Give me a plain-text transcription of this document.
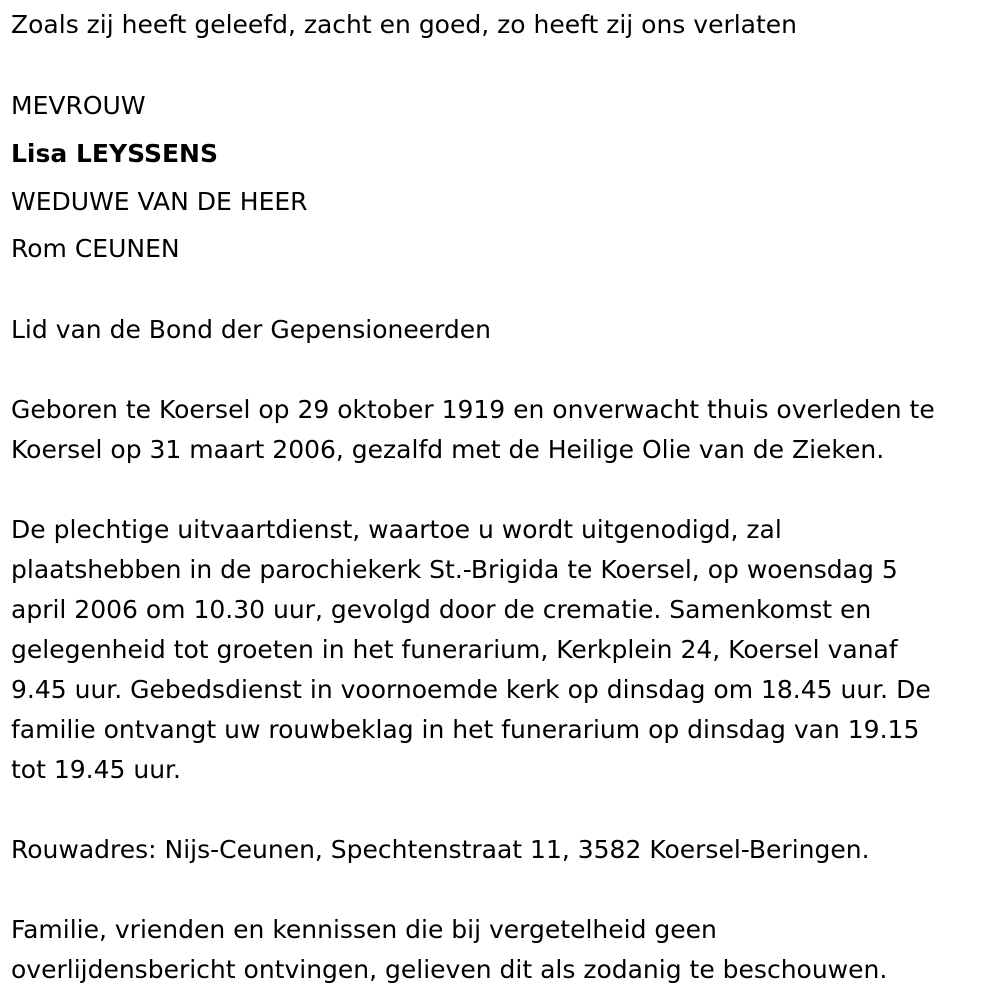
Zoals zij heeft geleefd, zacht en goed, zo heeft zij ons verlaten
MEVROUW
Lisa LEYSSENS
WEDUWE VAN DE HEER
Rom CEUNEN
Lid van de Bond der Gepensioneerden
Geboren te Koersel op 29 oktober 1919 en onverwacht thuis overleden te
Koersel op 31 maart 2006, gezalfd met de Heilige Olie van de Zieken.
De plechtige uitvaartdienst, waartoe u wordt uitgenodigd, zal
plaatshebben in de parochiekerk St.-Brigida te Koersel, op woensdag 5
april 2006 om 10.30 uur, gevolgd door de crematie. Samenkomst en
gelegenheid tot groeten in het funerarium, Kerkplein 24, Koersel vanaf
9.45 uur. Gebedsdienst in voornoemde kerk op dinsdag om 18.45 uur. De
familie ontvangt uw rouwbeklag in het funerarium op dinsdag van 19.15
tot 19.45 uur.
Rouwadres: Nijs-Ceunen, Spechtenstraat 11, 3582 Koersel-Beringen.
Familie, vrienden en kennissen die bij vergetelheid geen
overlijdensbericht ontvingen, gelieven dit als zodanig te beschouwen.
